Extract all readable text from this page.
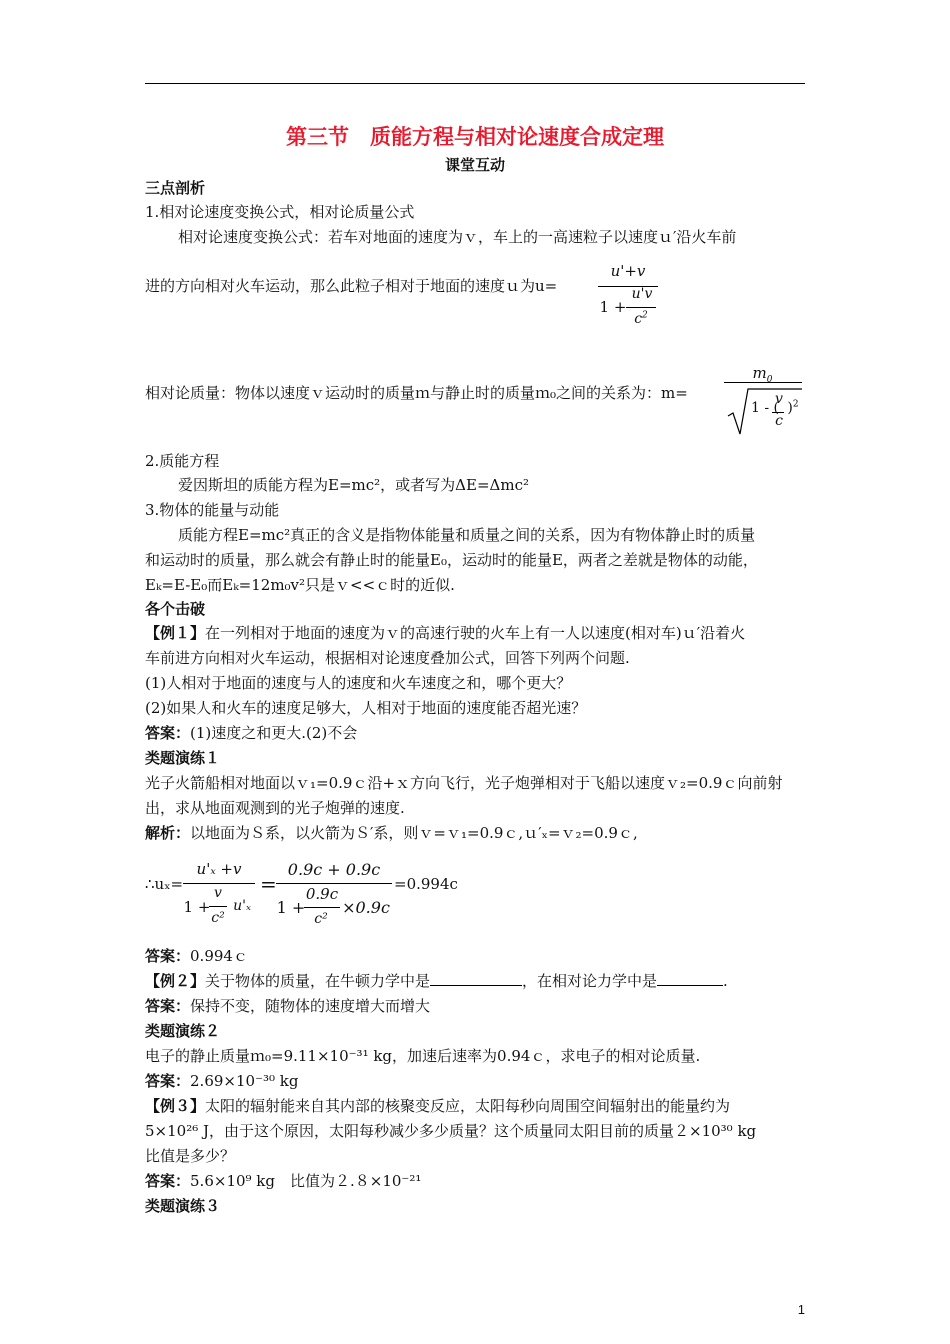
第三节　质能方程与相对论速度合成定理
课堂互动
三点剖析
1.相对论速度变换公式，相对论质量公式
相对论速度变换公式：若车对地面的速度为ｖ，车上的一高速粒子以速度ｕ′沿火车前
进的方向相对火车运动，那么此粒子相对于地面的速度ｕ为u=
u'+v
1 +
u'v
$c^2$
相对论质量：物体以速度ｖ运动时的质量ｍ与静止时的质量ｍ₀之间的关系为：m=
$m_0$
1 - (
v
c
)$^2$
2.质能方程
爱因斯坦的质能方程为E=mc²，或者写为ΔE=Δmc²
3.物体的能量与动能
质能方程E=mc²真正的含义是指物体能量和质量之间的关系，因为有物体静止时的质量
和运动时的质量，那么就会有静止时的能量E₀，运动时的能量E，两者之差就是物体的动能，
Eₖ=E-E₀而Eₖ=12m₀v²只是ｖ<<ｃ时的近似.
各个击破
【例１】在一列相对于地面的速度为ｖ的高速行驶的火车上有一人以速度(相对车)ｕ′沿着火
车前进方向相对火车运动，根据相对论速度叠加公式，回答下列两个问题.
(1)人相对于地面的速度与人的速度和火车速度之和，哪个更大？
(2)如果人和火车的速度足够大，人相对于地面的速度能否超光速？
答案：(1)速度之和更大.(2)不会
类题演练１
光子火箭船相对地面以ｖ₁=0.9ｃ沿+ｘ方向飞行，光子炮弹相对于飞船以速度ｖ₂=0.9ｃ向前射
出，求从地面观测到的光子炮弹的速度.
解析：以地面为Ｓ系，以火箭为Ｓ′系，则ｖ=ｖ₁=0.9ｃ,ｕ′ₓ=ｖ₂=0.9ｃ,
∴uₓ=
u'ₓ +v
1 +
v
c²
u'ₓ
=
0.9c + 0.9c
1 +
0.9c
c²
×0.9c
=0.994c
答案：0.994ｃ
【例２】关于物体的质量，在牛顿力学中是	，在相对论力学中是	.
答案：保持不变，随物体的速度增大而增大
类题演练２
电子的静止质量ｍ₀=9.11×10⁻³¹ kg，加速后速率为0.94ｃ，求电子的相对论质量.
答案：2.69×10⁻³⁰ kg
【例３】太阳的辐射能来自其内部的核聚变反应，太阳每秒向周围空间辐射出的能量约为
5×10²⁶ J，由于这个原因，太阳每秒减少多少质量？这个质量同太阳目前的质量２×10³⁰ kg
比值是多少？
答案：5.6×10⁹ kg　比值为２.８×10⁻²¹
类题演练３
1
